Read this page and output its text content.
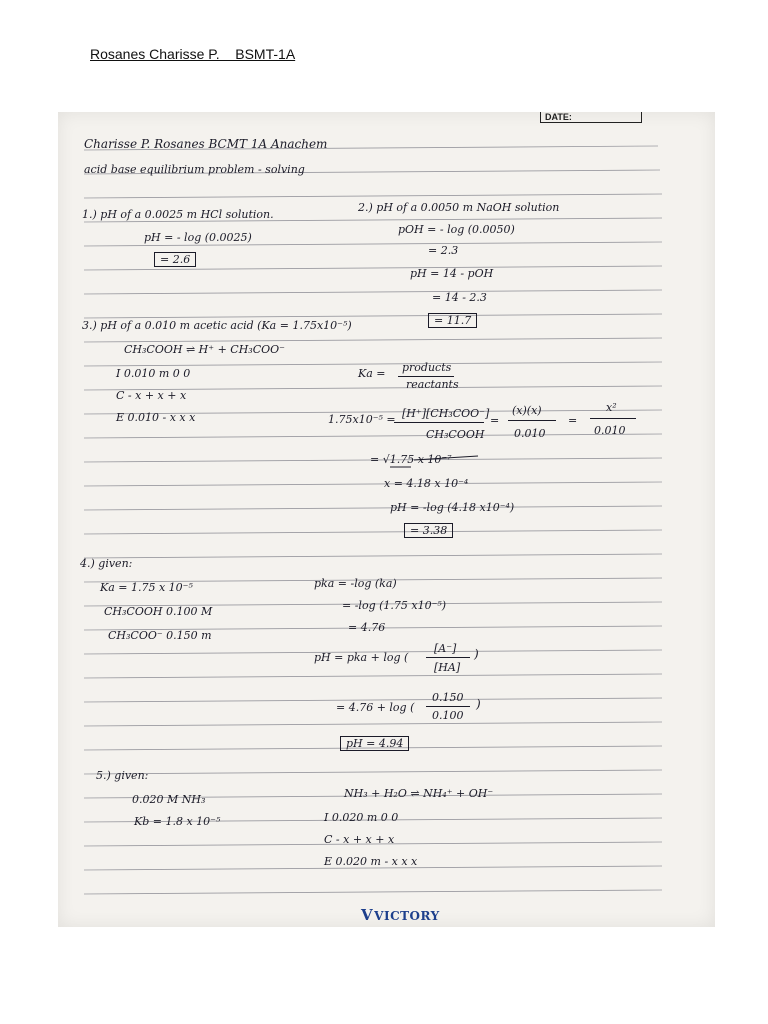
Rosanes Charisse P.    BSMT-1A
DATE:
Charisse P. Rosanes BCMT 1A Anachem
acid base equilibrium problem - solving
1.) pH of a 0.0025 m HCl solution.
pH = - log (0.0025)
= 2.6
2.) pH of a 0.0050 m NaOH solution
pOH = - log (0.0050)
= 2.3
pH = 14 - pOH
= 14 - 2.3
= 11.7
3.) pH of a 0.010 m acetic acid (Ka = 1.75x10⁻⁵)
CH₃COOH ⇌ H⁺ + CH₃COO⁻
I 0.010 m 0 0
C - x + x + x
E 0.010 - x x x
Ka = products
reactants
1.75x10⁻⁵ = [H⁺][CH₃COO⁻]
CH₃COOH
=
(x)(x)
0.010
=
x²
0.010
= √1.75 x 10⁻⁷
x = 4.18 x 10⁻⁴
pH = -log (4.18 x10⁻⁴)
= 3.38
4.) given:
Ka = 1.75 x 10⁻⁵
CH₃COOH 0.100 M
CH₃COO⁻ 0.150 m
pka = -log (ka)
= -log (1.75 x10⁻⁵)
= 4.76
pH = pka + log (
[A⁻]
[HA]
)
= 4.76 + log (
0.150
0.100
)
pH = 4.94
5.) given:
0.020 M NH₃
Kb = 1.8 x 10⁻⁵
NH₃ + H₂O ⇌ NH₄⁺ + OH⁻
I 0.020 m 0 0
C - x + x + x
E 0.020 m - x x x
VVICTORY
